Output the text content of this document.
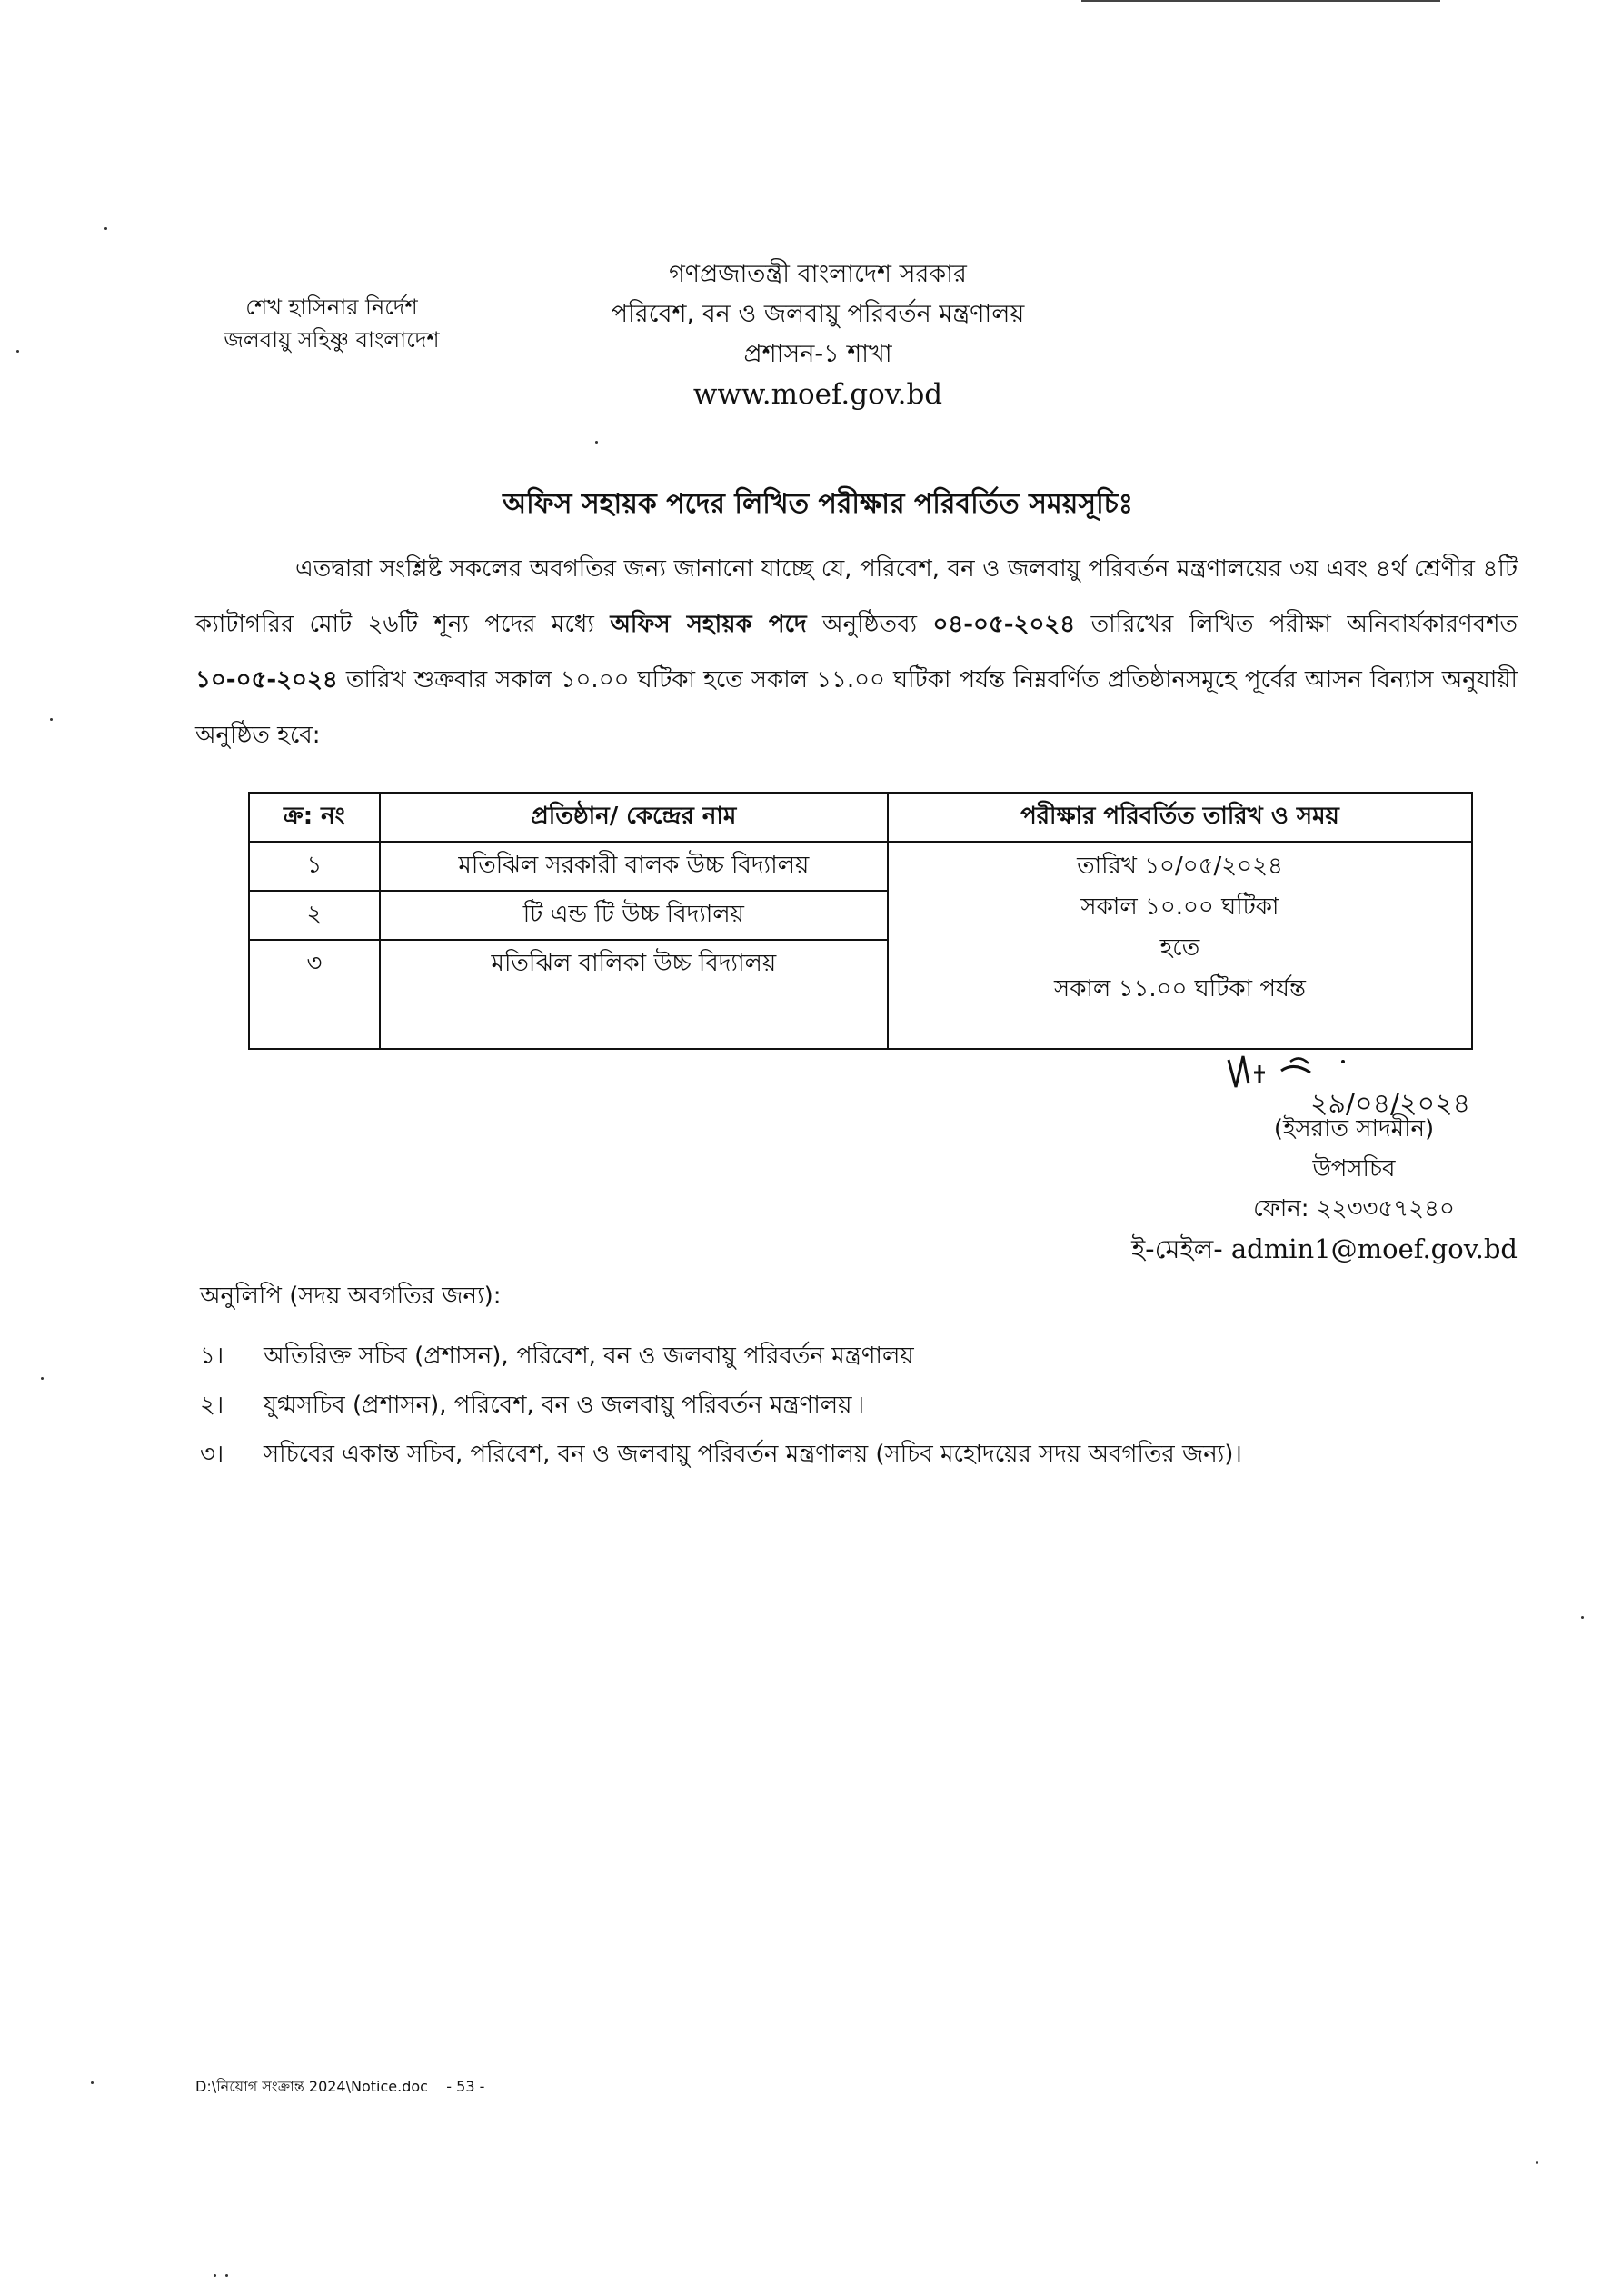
শেখ হাসিনার নির্দেশ
জলবায়ু সহিষ্ণু বাংলাদেশ
গণপ্রজাতন্ত্রী বাংলাদেশ সরকার
পরিবেশ, বন ও জলবায়ু পরিবর্তন মন্ত্রণালয়
প্রশাসন-১ শাখা
www.moef.gov.bd
অফিস সহায়ক পদের লিখিত পরীক্ষার পরিবর্তিত সময়সূচিঃ
এতদ্বারা সংশ্লিষ্ট সকলের অবগতির জন্য জানানো যাচ্ছে যে, পরিবেশ, বন ও জলবায়ু পরিবর্তন মন্ত্রণালয়ের ৩য় এবং ৪র্থ শ্রেণীর ৪টি ক্যাটাগরির মোট ২৬টি শূন্য পদের মধ্যে অফিস সহায়ক পদে অনুষ্ঠিতব্য ০৪-০৫-২০২৪ তারিখের লিখিত পরীক্ষা অনিবার্যকারণবশত ১০-০৫-২০২৪ তারিখ শুক্রবার সকাল ১০.০০ ঘটিকা হতে সকাল ১১.০০ ঘটিকা পর্যন্ত নিম্নবর্ণিত প্রতিষ্ঠানসমূহে পূর্বের আসন বিন্যাস অনুযায়ী অনুষ্ঠিত হবে:
ক্র: নং	প্রতিষ্ঠান/ কেন্দ্রের নাম	পরীক্ষার পরিবর্তিত তারিখ ও সময়
১	মতিঝিল সরকারী বালক উচ্চ বিদ্যালয়	তারিখ ১০/০৫/২০২৪
সকাল ১০.০০ ঘটিকা
হতে
সকাল ১১.০০ ঘটিকা পর্যন্ত

২	টি এন্ড টি উচ্চ বিদ্যালয়	
৩	মতিঝিল বালিকা উচ্চ বিদ্যালয়	
২৯/০৪/২০২৪
(ইসরাত সাদমীন)
উপসচিব
ফোন: ২২৩৩৫৭২৪০
ই-মেইল- admin1@moef.gov.bd
অনুলিপি (সদয় অবগতির জন্য):
১।	অতিরিক্ত সচিব (প্রশাসন), পরিবেশ, বন ও জলবায়ু পরিবর্তন মন্ত্রণালয়
২।	যুগ্মসচিব (প্রশাসন), পরিবেশ, বন ও জলবায়ু পরিবর্তন মন্ত্রণালয় ৷
৩।	সচিবের একান্ত সচিব, পরিবেশ, বন ও জলবায়ু পরিবর্তন মন্ত্রণালয় (সচিব মহোদয়ের সদয় অবগতির জন্য)।
D:\নিয়োগ সংক্রান্ত 2024\Notice.doc - 53 -
